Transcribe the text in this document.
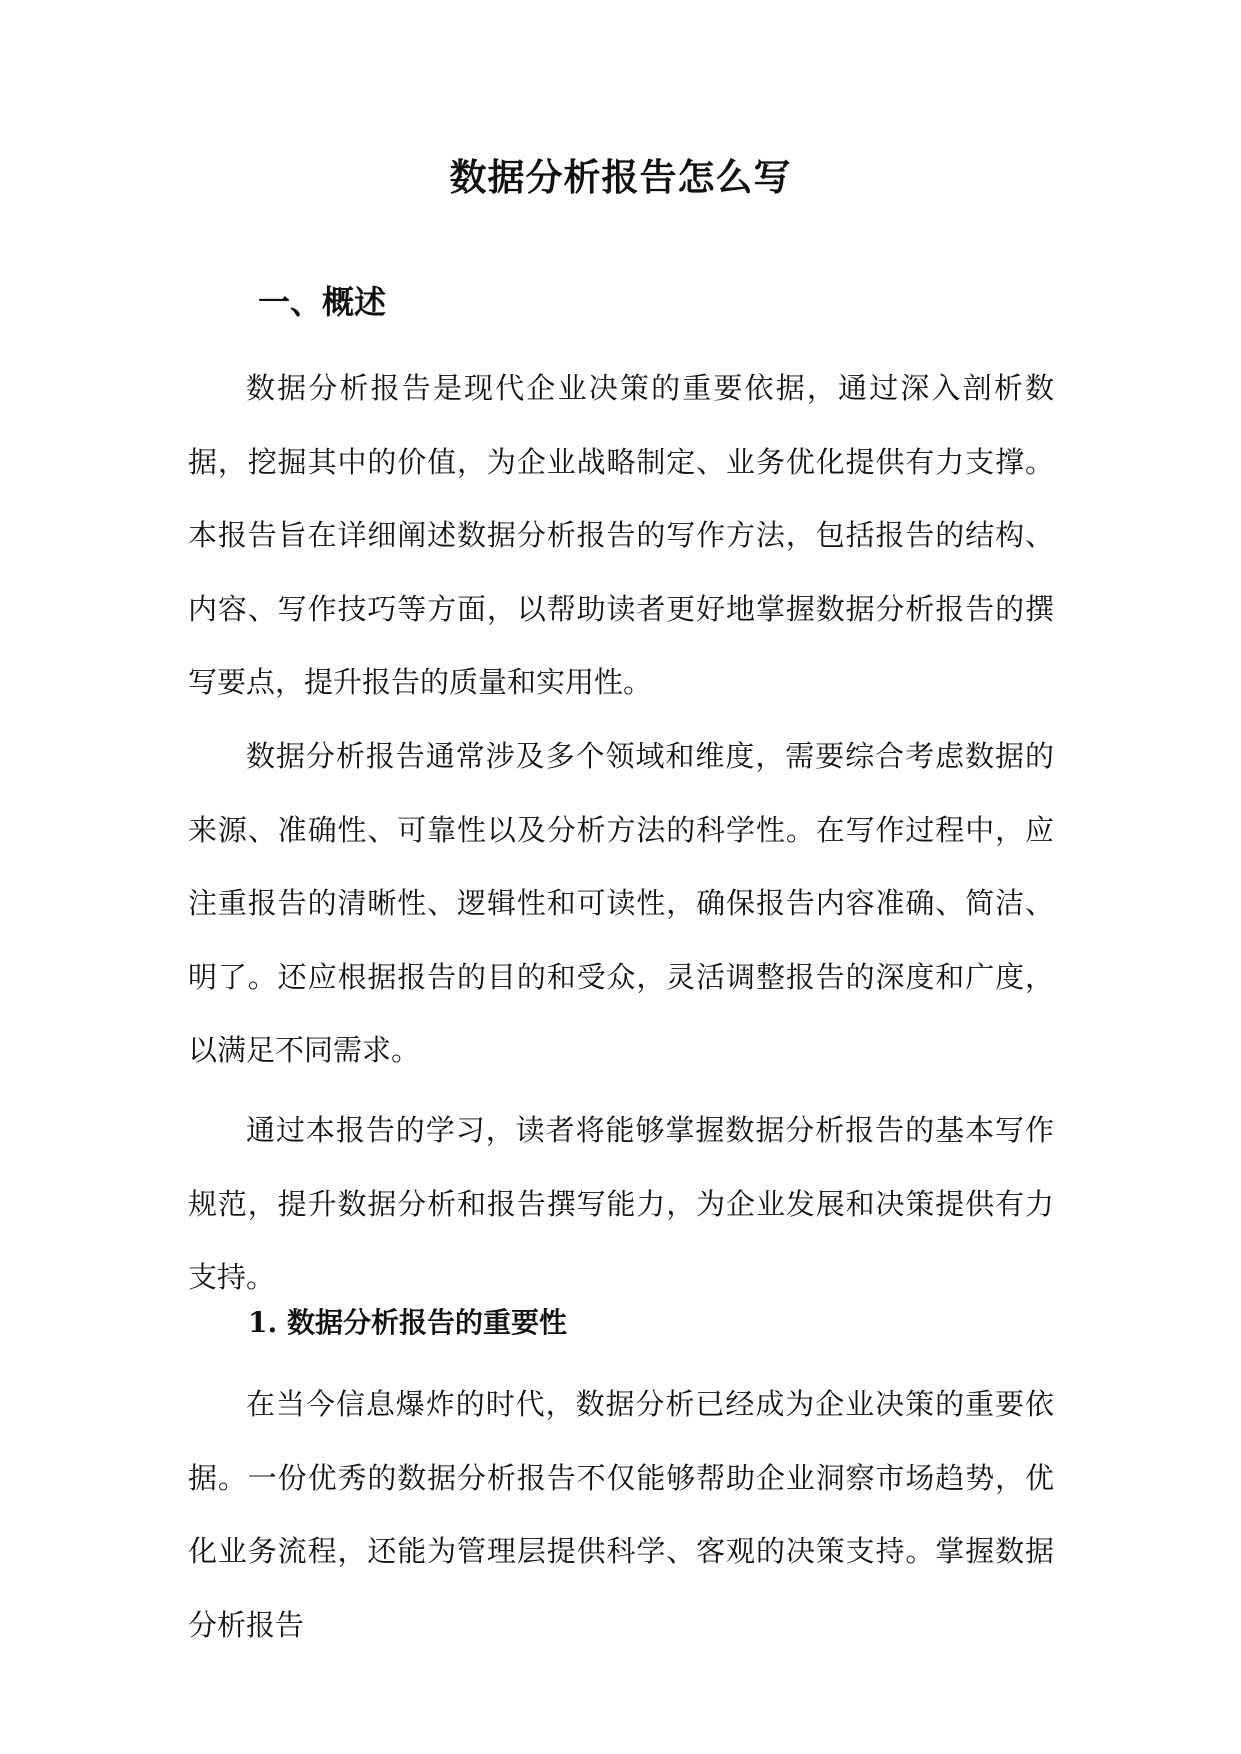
数据分析报告怎么写
一、概述

数据分析报告是现代企业决策的重要依据，通过深入剖析数据，挖掘其中的价值，为企业战略制定、业务优化提供有力支撑。本报告旨在详细阐述数据分析报告的写作方法，包括报告的结构、内容、写作技巧等方面，以帮助读者更好地掌握数据分析报告的撰写要点，提升报告的质量和实用性。

数据分析报告通常涉及多个领域和维度，需要综合考虑数据的来源、准确性、可靠性以及分析方法的科学性。在写作过程中，应注重报告的清晰性、逻辑性和可读性，确保报告内容准确、简洁、明了。还应根据报告的目的和受众，灵活调整报告的深度和广度，以满足不同需求。

通过本报告的学习，读者将能够掌握数据分析报告的基本写作规范，提升数据分析和报告撰写能力，为企业发展和决策提供有力支持。

1. 数据分析报告的重要性

在当今信息爆炸的时代，数据分析已经成为企业决策的重要依据。一份优秀的数据分析报告不仅能够帮助企业洞察市场趋势，优化业务流程，还能为管理层提供科学、客观的决策支持。掌握数据分析报告
